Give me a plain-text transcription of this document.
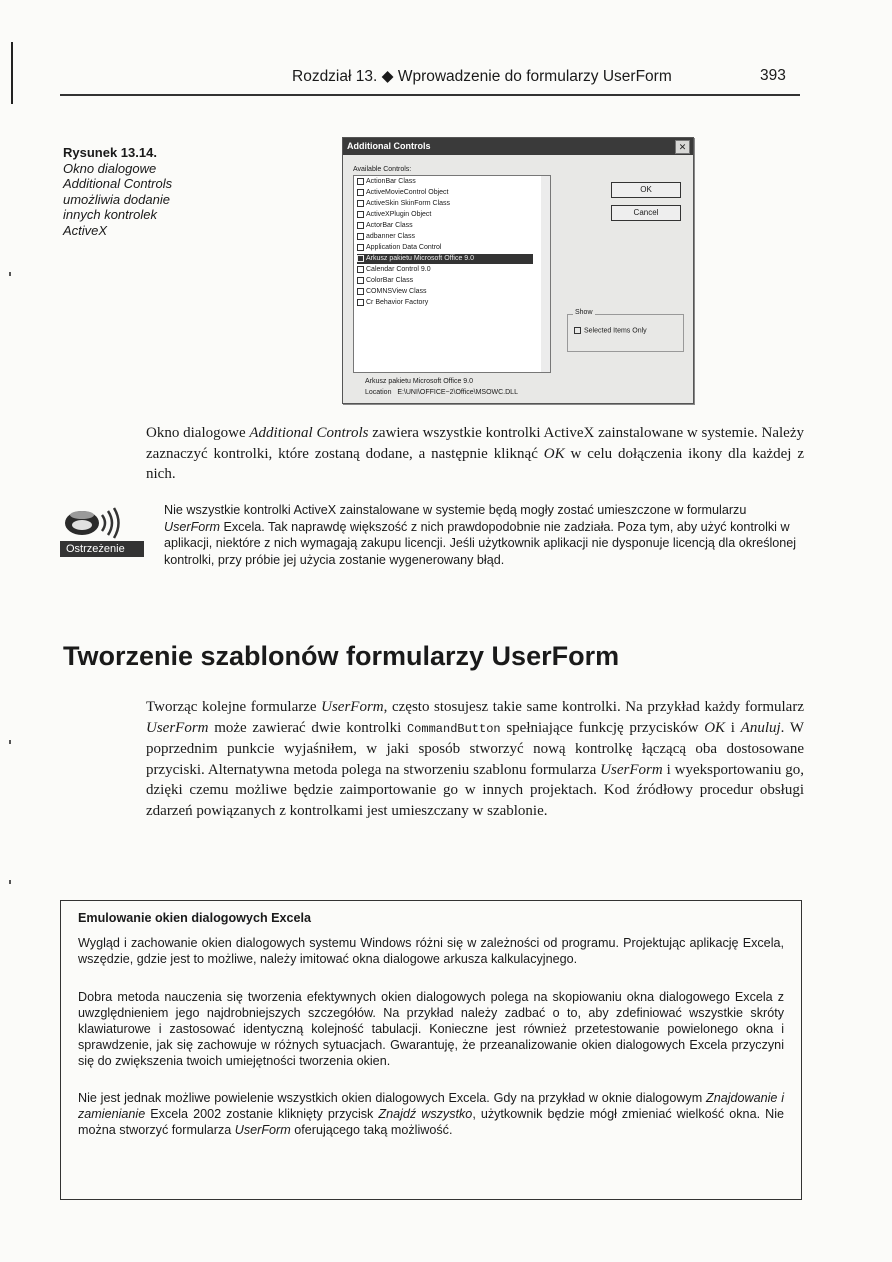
Rozdział 13. ◆ Wprowadzenie do formularzy UserForm	393
Rysunek 13.14.
Okno dialogowe
Additional Controls
umożliwia dodanie
innych kontrolek
ActiveX
Additional Controls	✕
Available Controls:
ActionBar Class
ActiveMovieControl Object
ActiveSkin SkinForm Class
ActiveXPlugin Object
ActorBar Class
adbanner Class
Application Data Control
Arkusz pakietu Microsoft Office 9.0
Calendar Control 9.0
ColorBar Class
COMNSView Class
Cr Behavior Factory
OK
Cancel
Show
Selected Items Only
Arkusz pakietu Microsoft Office 9.0
Location E:\UNI\OFFICE~2\Office\MSOWC.DLL
Okno dialogowe Additional Controls zawiera wszystkie kontrolki ActiveX zainstalowane w systemie. Należy zaznaczyć kontrolki, które zostaną dodane, a następnie kliknąć OK w celu dołączenia ikony dla każdej z nich.
Ostrzeżenie
Nie wszystkie kontrolki ActiveX zainstalowane w systemie będą mogły zostać umieszczone w formularzu UserForm Excela. Tak naprawdę większość z nich prawdopodobnie nie zadziała. Poza tym, aby użyć kontrolki w aplikacji, niektóre z nich wymagają zakupu licencji. Jeśli użytkownik aplikacji nie dysponuje licencją dla określonej kontrolki, przy próbie jej użycia zostanie wygenerowany błąd.
Tworzenie szablonów formularzy UserForm
Tworząc kolejne formularze UserForm, często stosujesz takie same kontrolki. Na przykład każdy formularz UserForm może zawierać dwie kontrolki CommandButton spełniające funkcję przycisków OK i Anuluj. W poprzednim punkcie wyjaśniłem, w jaki sposób stworzyć nową kontrolkę łączącą oba dostosowane przyciski. Alternatywna metoda polega na stworzeniu szablonu formularza UserForm i wyeksportowaniu go, dzięki czemu możliwe będzie zaimportowanie go w innych projektach. Kod źródłowy procedur obsługi zdarzeń powiązanych z kontrolkami jest umieszczany w szablonie.
Emulowanie okien dialogowych Excela
Wygląd i zachowanie okien dialogowych systemu Windows różni się w zależności od programu. Projektując aplikację Excela, wszędzie, gdzie jest to możliwe, należy imitować okna dialogowe arkusza kalkulacyjnego.
Dobra metoda nauczenia się tworzenia efektywnych okien dialogowych polega na skopiowaniu okna dialogowego Excela z uwzględnieniem jego najdrobniejszych szczegółów. Na przykład należy zadbać o to, aby zdefiniować wszystkie skróty klawiaturowe i zastosować identyczną kolejność tabulacji. Konieczne jest również przetestowanie powielonego okna i sprawdzenie, jak się zachowuje w różnych sytuacjach. Gwarantuję, że przeanalizowanie okien dialogowych Excela przyczyni się do zwiększenia twoich umiejętności tworzenia okien.
Nie jest jednak możliwe powielenie wszystkich okien dialogowych Excela. Gdy na przykład w oknie dialogowym Znajdowanie i zamienianie Excela 2002 zostanie kliknięty przycisk Znajdź wszystko, użytkownik będzie mógł zmieniać wielkość okna. Nie można stworzyć formularza UserForm oferującego taką możliwość.
